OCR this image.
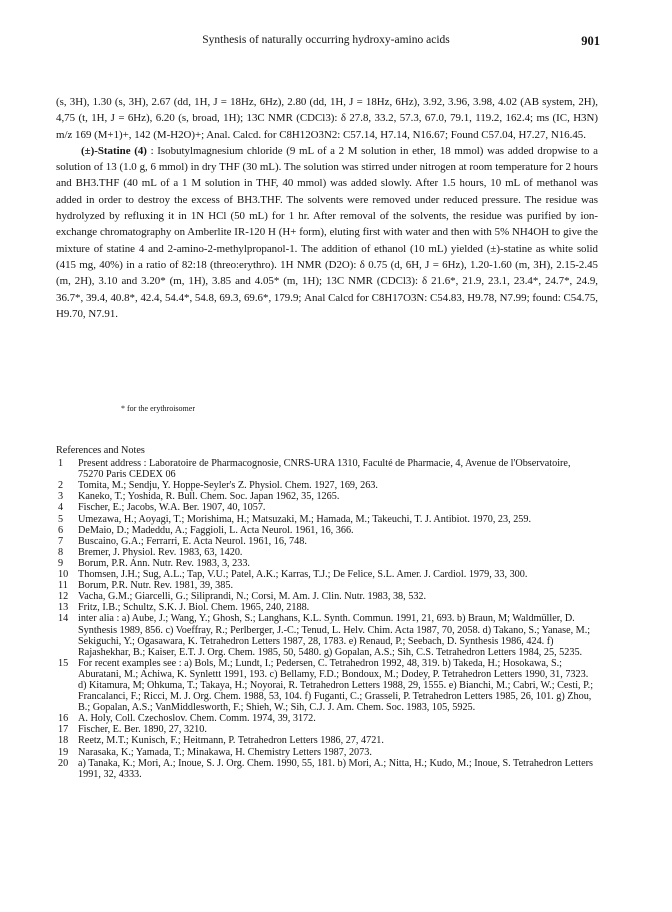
Synthesis of naturally occurring hydroxy-amino acids	901

(s, 3H), 1.30 (s, 3H), 2.67 (dd, 1H, J = 18Hz, 6Hz), 2.80 (dd, 1H, J = 18Hz, 6Hz), 3.92, 3.96, 3.98, 4.02 (AB system, 2H), 4,75 (t, 1H, J = 6Hz), 6.20 (s, broad, 1H); 13C NMR (CDCl3): δ 27.8, 33.2, 57.3, 67.0, 79.1, 119.2, 162.4; ms (IC, H3N) m/z 169 (M+1)+, 142 (M-H2O)+; Anal. Calcd. for C8H12O3N2: C57.14, H7.14, N16.67; Found C57.04, H7.27, N16.45.

(±)-Statine (4) : Isobutylmagnesium chloride (9 mL of a 2 M solution in ether, 18 mmol) was added dropwise to a solution of 13 (1.0 g, 6 mmol) in dry THF (30 mL). The solution was stirred under nitrogen at room temperature for 2 hours and BH3.THF (40 mL of a 1 M solution in THF, 40 mmol) was added slowly. After 1.5 hours, 10 mL of methanol was added in order to destroy the excess of BH3.THF. The solvents were removed under reduced pressure. The residue was hydrolyzed by refluxing it in 1N HCl (50 mL) for 1 hr. After removal of the solvents, the residue was purified by ion-exchange chromatography on Amberlite IR-120 H (H+ form), eluting first with water and then with 5% NH4OH to give the mixture of statine 4 and 2-amino-2-methylpropanol-1. The addition of ethanol (10 mL) yielded (±)-statine as white solid (415 mg, 40%) in a ratio of 82:18 (threo:erythro). 1H NMR (D2O): δ 0.75 (d, 6H, J = 6Hz), 1.20-1.60 (m, 3H), 2.15-2.45 (m, 2H), 3.10 and 3.20* (m, 1H), 3.85 and 4.05* (m, 1H); 13C NMR (CDCl3): δ 21.6*, 21.9, 23.1, 23.4*, 24.7*, 24.9, 36.7*, 39.4, 40.8*, 42.4, 54.4*, 54.8, 69.3, 69.6*, 179.9; Anal Calcd for C8H17O3N: C54.83, H9.78, N7.99; found: C54.75, H9.70, N7.91.

* for the erythroisomer
References and Notes
1	Present address : Laboratoire de Pharmacognosie, CNRS-URA 1310, Faculté de Pharmacie, 4, Avenue de l'Observatoire, 75270 Paris CEDEX 06
2	Tomita, M.; Sendju, Y. Hoppe-Seyler's Z. Physiol. Chem. 1927, 169, 263.
3	Kaneko, T.; Yoshida, R. Bull. Chem. Soc. Japan 1962, 35, 1265.
4	Fischer, E.; Jacobs, W.A. Ber. 1907, 40, 1057.
5	Umezawa, H.; Aoyagi, T.; Morishima, H.; Matsuzaki, M.; Hamada, M.; Takeuchi, T. J. Antibiot. 1970, 23, 259.
6	DeMaio, D.; Madeddu, A.; Faggioli, L. Acta Neurol. 1961, 16, 366.
7	Buscaino, G.A.; Ferrarri, E. Acta Neurol. 1961, 16, 748.
8	Bremer, J. Physiol. Rev. 1983, 63, 1420.
9	Borum, P.R. Ann. Nutr. Rev. 1983, 3, 233.
10 Thomsen, J.H.; Sug, A.L.; Tap, V.U.; Patel, A.K.; Karras, T.J.; De Felice, S.L. Amer. J. Cardiol. 1979, 33, 300.
11 Borum, P.R. Nutr. Rev. 1981, 39, 385.
12 Vacha, G.M.; Giarcelli, G.; Siliprandi, N.; Corsi, M. Am. J. Clin. Nutr. 1983, 38, 532.
13 Fritz, I.B.; Schultz, S.K. J. Biol. Chem. 1965, 240, 2188.
14 inter alia : a) Aube, J.; Wang, Y.; Ghosh, S.; Langhans, K.L. Synth. Commun. 1991, 21, 693. b) Braun, M; Waldmüller, D. Synthesis 1989, 856. c) Voeffray, R.; Perlberger, J.-C.; Tenud, L. Helv. Chim. Acta 1987, 70, 2058. d) Takano, S.; Yanase, M.; Sekiguchi, Y.; Ogasawara, K. Tetrahedron Letters 1987, 28, 1783. e) Renaud, P.; Seebach, D. Synthesis 1986, 424. f) Rajashekhar, B.; Kaiser, E.T. J. Org. Chem. 1985, 50, 5480. g) Gopalan, A.S.; Sih, C.S. Tetrahedron Letters 1984, 25, 5235.
15 For recent examples see : a) Bols, M.; Lundt, I.; Pedersen, C. Tetrahedron 1992, 48, 319. b) Takeda, H.; Hosokawa, S.; Aburatani, M.; Achiwa, K. Synlettt 1991, 193. c) Bellamy, F.D.; Bondoux, M.; Dodey, P. Tetrahedron Letters 1990, 31, 7323. d) Kitamura, M; Ohkuma, T.; Takaya, H.; Noyorai, R. Tetrahedron Letters 1988, 29, 1555. e) Bianchi, M.; Cabri, W.; Cesti, P.; Francalanci, F.; Ricci, M. J. Org. Chem. 1988, 53, 104. f) Fuganti, C.; Grasseli, P. Tetrahedron Letters 1985, 26, 101. g) Zhou, B.; Gopalan, A.S.; VanMiddlesworth, F.; Shieh, W.; Sih, C.J. J. Am. Chem. Soc. 1983, 105, 5925.
16 A. Holy, Coll. Czechoslov. Chem. Comm. 1974, 39, 3172.
17 Fischer, E. Ber. 1890, 27, 3210.
18 Reetz, M.T.; Kunisch, F.; Heitmann, P. Tetrahedron Letters 1986, 27, 4721.
19 Narasaka, K.; Yamada, T.; Minakawa, H. Chemistry Letters 1987, 2073.
20 a) Tanaka, K.; Mori, A.; Inoue, S. J. Org. Chem. 1990, 55, 181. b) Mori, A.; Nitta, H.; Kudo, M.; Inoue, S. Tetrahedron Letters 1991, 32, 4333.
